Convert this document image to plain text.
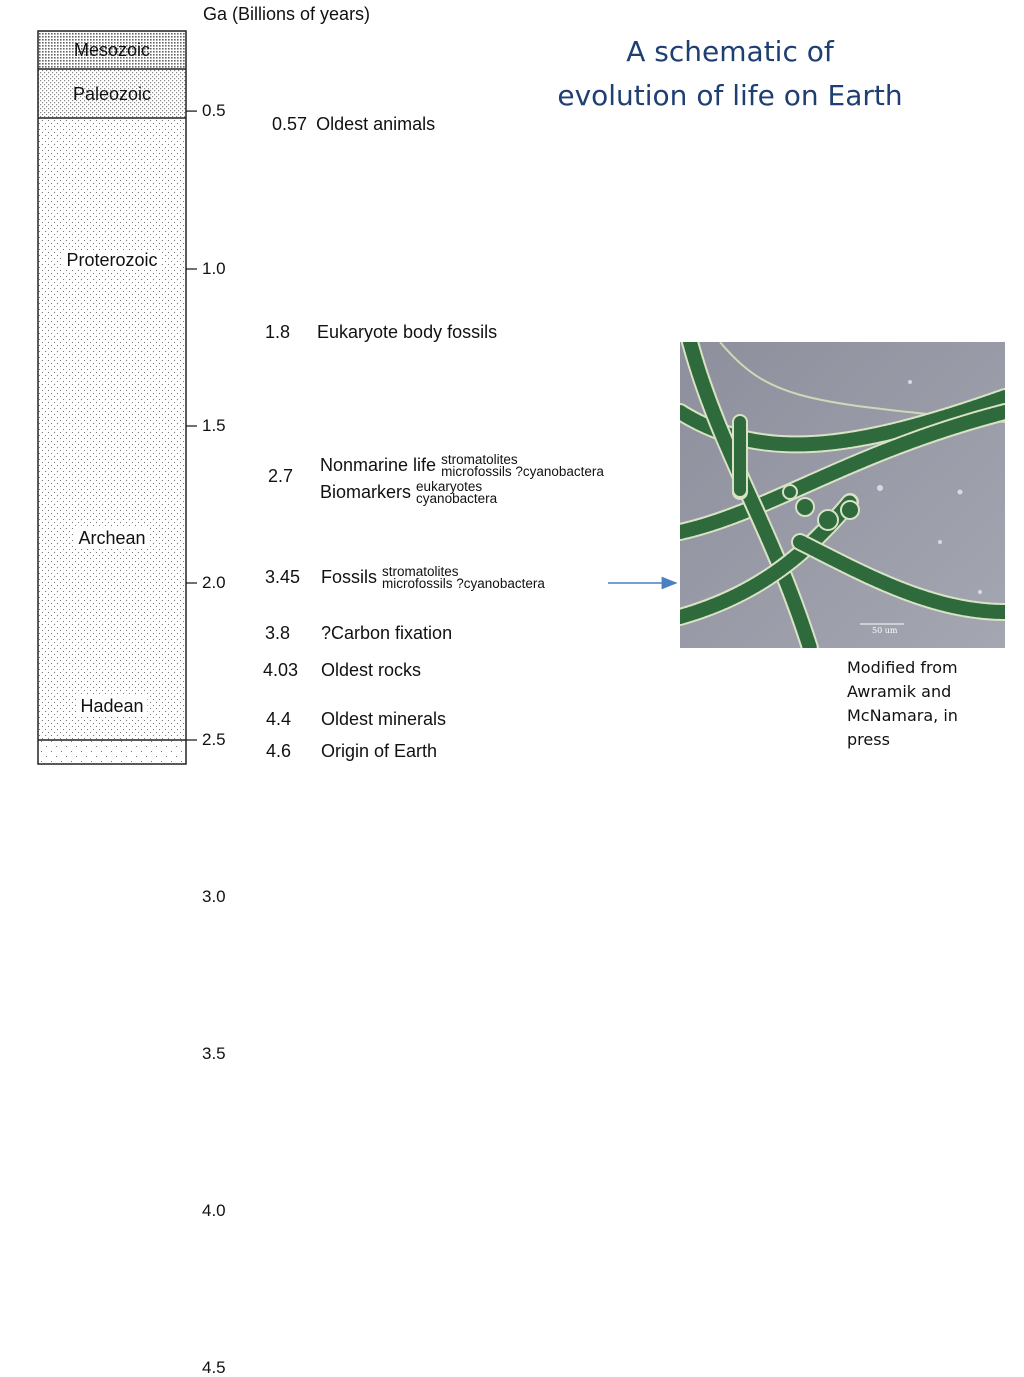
A schematic of
evolution of life on Earth
Ga (Billions of years)
Mesozoic
Paleozoic
Proterozoic
Archean
Hadean
0.5
1.0
1.5
2.0
2.5
3.0
3.5
4.0
4.5
0.57 Oldest animals
1.8 Eukaryote body fossils
2.7
Nonmarine life stromatolites
microfossils ?cyanobactera
Biomarkers eukaryotes
cyanobactera
3.45 Fossils stromatolites
microfossils ?cyanobactera
3.8 ?Carbon fixation
4.03 Oldest rocks
4.4 Oldest minerals
4.6 Origin of Earth
50 um
Modified from Awramik and McNamara, in press
